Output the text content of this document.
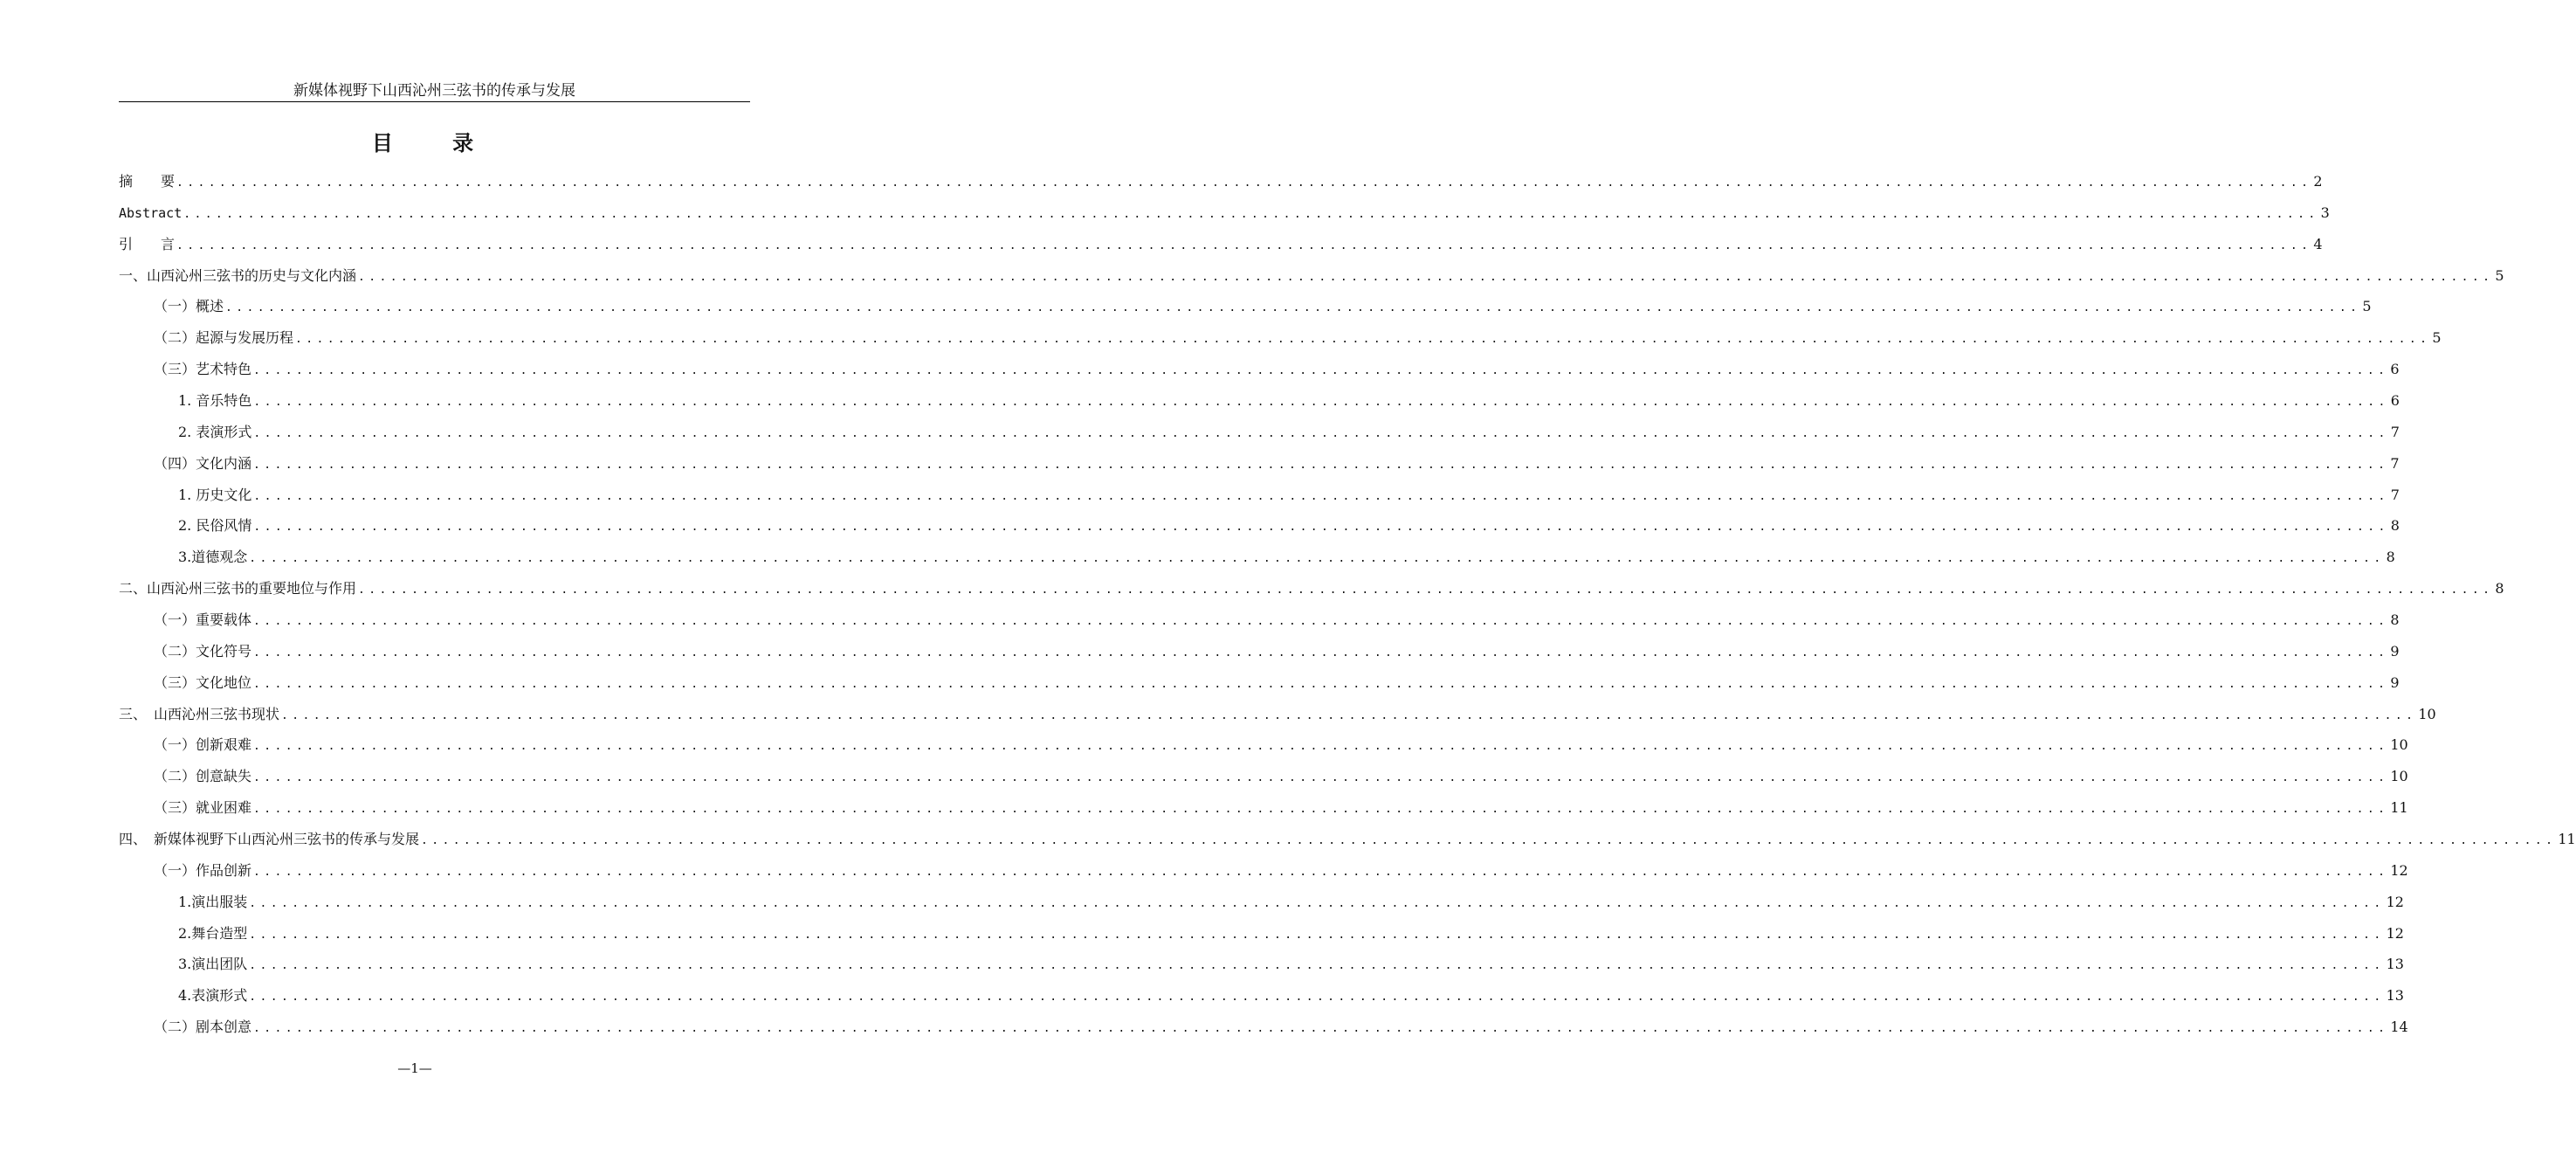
新媒体视野下山西沁州三弦书的传承与发展
目 录
摘　　要 ........................................................................................................................................................................................................ 2
Abstract ........................................................................................................................................................................................................ 3
引　　言 ........................................................................................................................................................................................................ 4
一、山西沁州三弦书的历史与文化内涵 ........................................................................................................................................................................................................ 5
（一）概述 ........................................................................................................................................................................................................ 5
（二）起源与发展历程 ........................................................................................................................................................................................................ 5
（三）艺术特色 ........................................................................................................................................................................................................ 6
1. 音乐特色 ........................................................................................................................................................................................................ 6
2. 表演形式 ........................................................................................................................................................................................................ 7
（四）文化内涵 ........................................................................................................................................................................................................ 7
1. 历史文化 ........................................................................................................................................................................................................ 7
2. 民俗风情 ........................................................................................................................................................................................................ 8
3.道德观念 ........................................................................................................................................................................................................ 8
二、山西沁州三弦书的重要地位与作用 ........................................................................................................................................................................................................ 8
（一）重要载体 ........................................................................................................................................................................................................ 8
（二）文化符号 ........................................................................................................................................................................................................ 9
（三）文化地位 ........................................................................................................................................................................................................ 9
三、　山西沁州三弦书现状 ........................................................................................................................................................................................................ 10
（一）创新艰难 ........................................................................................................................................................................................................ 10
（二）创意缺失 ........................................................................................................................................................................................................ 10
（三）就业困难 ........................................................................................................................................................................................................ 11
四、　新媒体视野下山西沁州三弦书的传承与发展 ........................................................................................................................................................................................................ 11
（一）作品创新 ........................................................................................................................................................................................................ 12
1.演出服装 ........................................................................................................................................................................................................ 12
2.舞台造型 ........................................................................................................................................................................................................ 12
3.演出团队 ........................................................................................................................................................................................................ 13
4.表演形式 ........................................................................................................................................................................................................ 13
（二）剧本创意 ........................................................................................................................................................................................................ 14
—1—
